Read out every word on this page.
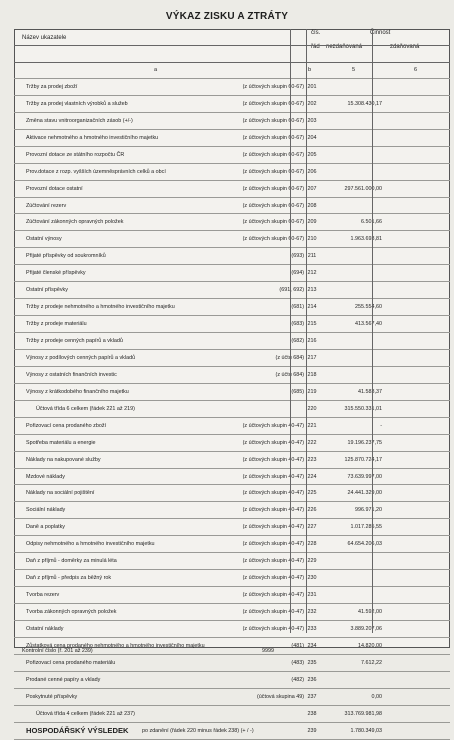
VÝKAZ ZISKU A ZTRÁTY
Název ukazatele
čís.
řád
Činnost
nezdaňovaná	zdaňovaná
a	b	5	6
Tržby za prodej zboží	(z účtových skupin 60-67) 201
Tržby za prodej vlastních výrobků a služeb	(z účtových skupin 60-67) 202	15.308.430,17
Změna stavu vnitroorganizačních zásob (+/-)	(z účtových skupin 60-67) 203
Aktivace nehmotného a hmotného investičního majetku	(z účtových skupin 60-67) 204
Provozní dotace ze státního rozpočtu ČR	(z účtových skupin 60-67) 205
Prov.dotace z rozp. vyšších územněsprávních celků a obcí	(z účtových skupin 60-67) 206
Provozní dotace ostatní	(z účtových skupin 60-67) 207	297.561.000,00
Zúčtování rezerv	(z účtových skupin 60-67) 208
Zúčtování zákonných opravných položek	(z účtových skupin 60-67) 209	6.501,66
Ostatní výnosy	(z účtových skupin 60-67) 210	1.963.693,81
Přijaté příspěvky od soukromníků	(693) 211
Přijaté členské příspěvky	(694) 212
Ostatní příspěvky	(691, 692) 213
Tržby z prodeje nehmotného a hmotného investičního majetku	(681) 214	255.554,60
Tržby z prodeje materiálu	(683) 215	413.567,40
Tržby z prodeje cenných papírů a vkladů	(682) 216
Výnosy z podílových cenných papírů a vkladů	(z účtu 684) 217
Výnosy z ostatních finančních investic	(z účtu 684) 218
Výnosy z krátkodobého finančního majetku	(685) 219	41.583,37
Účtová třída 6 celkem (řádek 221 až 219)	220	315.550.331,01
Pořizovací cena prodaného zboží	(z účtových skupin 40-47) 221	-
Spotřeba materiálu a energie	(z účtových skupin 40-47) 222	19.196.237,75
Náklady na nakupované služby	(z účtových skupin 40-47) 223	125.870.724,17
Mzdové náklady	(z účtových skupin 40-47) 224	73.639.997,00
Náklady na sociální pojištění	(z účtových skupin 40-47) 225	24.441.329,00
Sociální náklady	(z účtových skupin 40-47) 226	996.971,20
Daně a poplatky	(z účtových skupin 40-47) 227	1.017.285,55
Odpisy nehmotného a hmotného investičního majetku	(z účtových skupin 40-47) 228	64.654.206,03
Daň z příjmů - doměrky za minulá léta	(z účtových skupin 40-47) 229
Daň z příjmů - předpis za běžný rok	(z účtových skupin 40-47) 230
Tvorba rezerv	(z účtových skupin 40-47) 231
Tvorba zákonných opravných položek	(z účtových skupin 40-47) 232	41.592,00
Ostatní náklady	(z účtových skupin 40-47) 233	3.889.207,06
Zůstatková cena prodaného nehmotného a hmotného investičního majetku	(481) 234	14.820,00
Pořizovací cena prodaného materiálu	(483) 235	7.612,22
Prodané cenné papíry a vklady	(482) 236
Poskytnuté příspěvky	(účtová skupina 49) 237	0,00
Účtová třída 4 celkem (řádek 221 až 237)	238	313.769.981,98
HOSPODÁŘSKÝ VÝSLEDEK	239	1.780.349,03
po zdanění (řádek 220 minus řádek 238) (+ / -)
Kontrolní číslo (ř. 201 až 239)	9999
